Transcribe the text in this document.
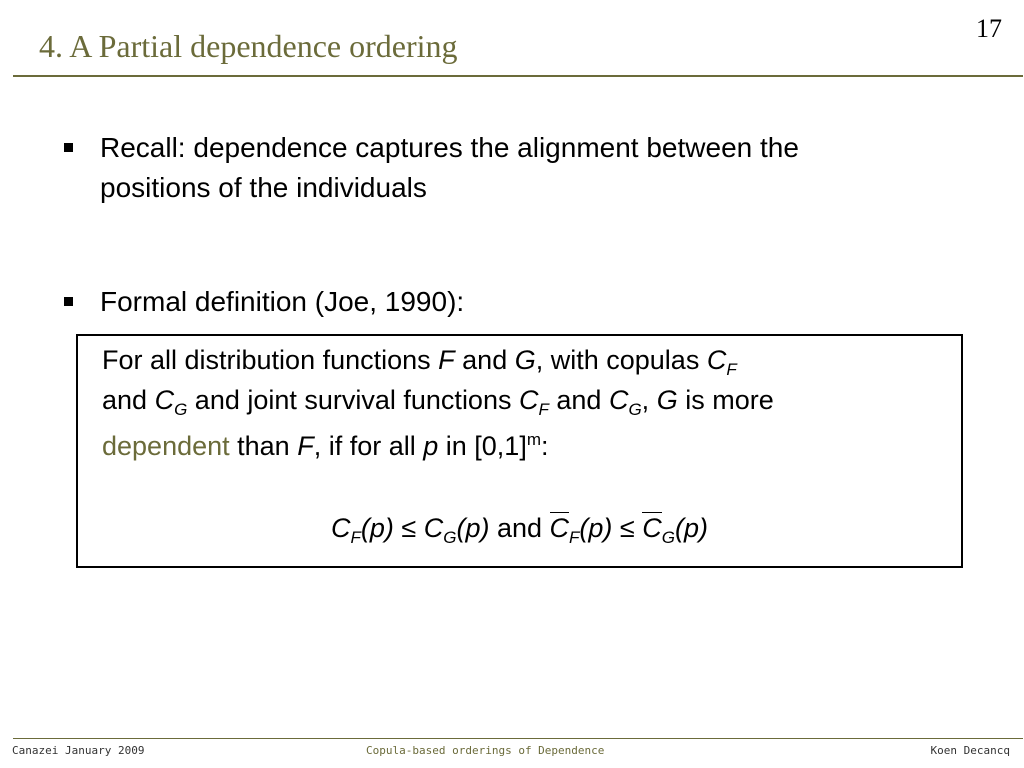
4. A Partial dependence ordering	17
Recall: dependence captures the alignment between the
positions of the individuals
Formal definition (Joe, 1990):
For all distribution functions F and G, with copulas $C_F$
and $C_G$ and joint survival functions $C_F$ and $C_G$, G is more
dependent than F, if for all p in $[0,1]^m$:
$C_F(p) \le C_G(p)$ and $C_F(p) \le C_G(p)$
Canazei January 2009	Copula-based orderings of Dependence	Koen Decancq
